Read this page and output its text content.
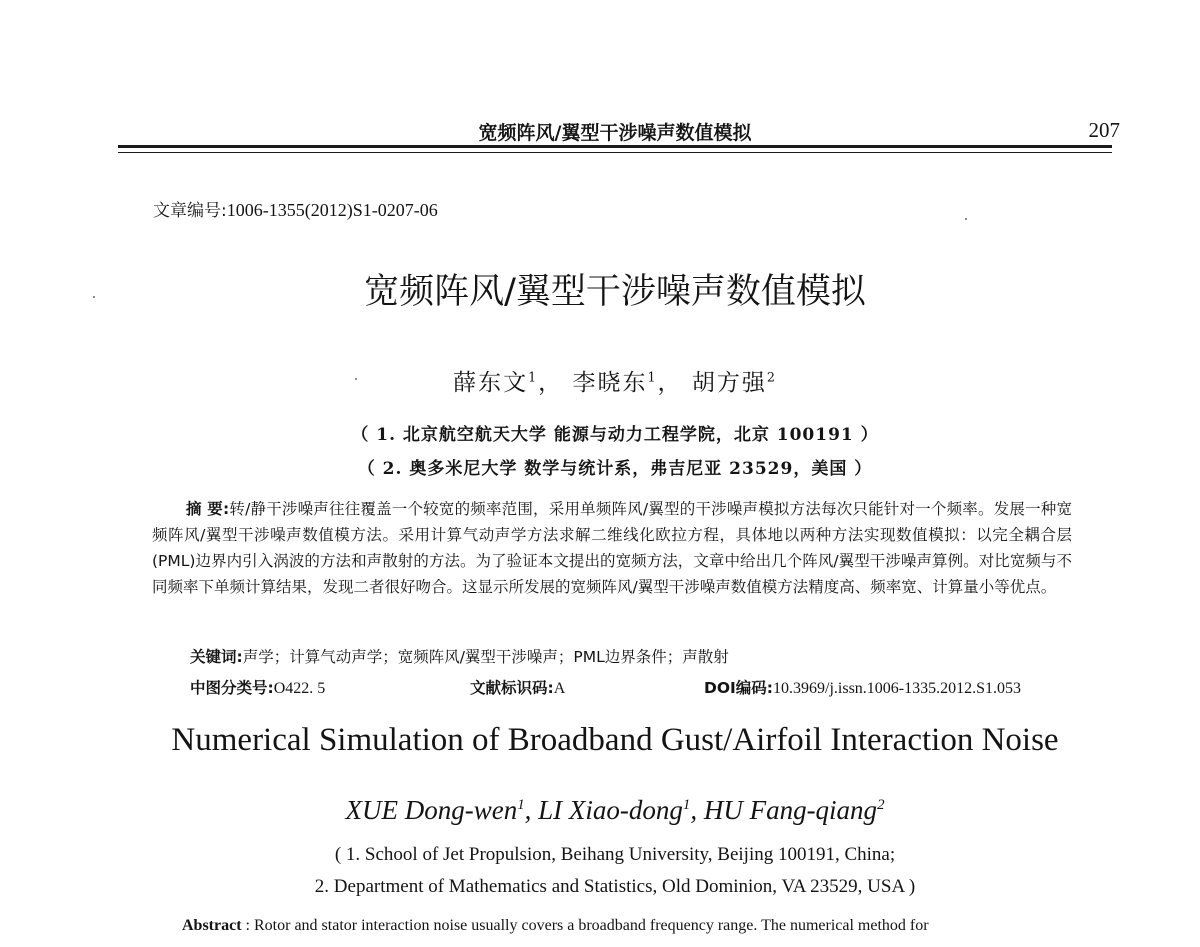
宽频阵风/翼型干涉噪声数值模拟	207
文章编号:1006-1355(2012)S1-0207-06
宽频阵风/翼型干涉噪声数值模拟
薛东文$^1$， 李晓东$^1$， 胡方强$^2$
（ 1. 北京航空航天大学 能源与动力工程学院，北京 100191 ）
（ 2. 奥多米尼大学 数学与统计系，弗吉尼亚 23529，美国 ）
摘 要:转/静干涉噪声往往覆盖一个较宽的频率范围，采用单频阵风/翼型的干涉噪声模拟方法每次只能针对一个频率。发展一种宽频阵风/翼型干涉噪声数值模方法。采用计算气动声学方法求解二维线化欧拉方程，具体地以两种方法实现数值模拟：以完全耦合层(PML)边界内引入涡波的方法和声散射的方法。为了验证本文提出的宽频方法，文章中给出几个阵风/翼型干涉噪声算例。对比宽频与不同频率下单频计算结果，发现二者很好吻合。这显示所发展的宽频阵风/翼型干涉噪声数值模方法精度高、频率宽、计算量小等优点。
关键词:声学；计算气动声学；宽频阵风/翼型干涉噪声；PML边界条件；声散射
中图分类号:O422. 5	文献标识码:A	DOI编码:10.3969/j.issn.1006-1335.2012.S1.053
Numerical Simulation of Broadband Gust/Airfoil Interaction Noise
XUE Dong-wen$^1$, LI Xiao-dong$^1$, HU Fang-qiang$^2$
( 1. School of Jet Propulsion, Beihang University, Beijing 100191, China;
2. Department of Mathematics and Statistics, Old Dominion, VA 23529, USA )
Abstract : Rotor and stator interaction noise usually covers a broadband frequency range. The numerical method for
